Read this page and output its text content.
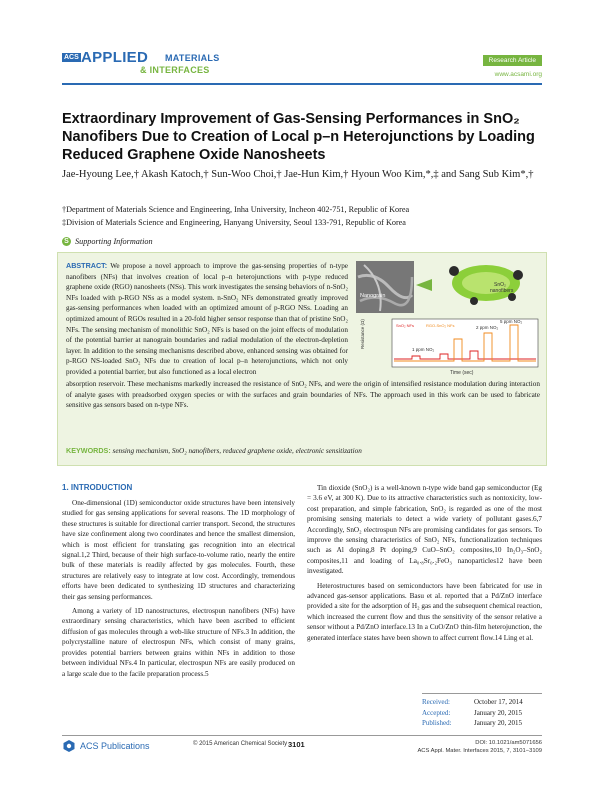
ACS APPLIED MATERIALS
& INTERFACES
Research Article
www.acsami.org
Extraordinary Improvement of Gas-Sensing Performances in SnO₂ Nanofibers Due to Creation of Local p–n Heterojunctions by Loading Reduced Graphene Oxide Nanosheets
Jae-Hyoung Lee,† Akash Katoch,† Sun-Woo Choi,† Jae-Hun Kim,† Hyoun Woo Kim,*,‡ and Sang Sub Kim*,†
†Department of Materials Science and Engineering, Inha University, Incheon 402-751, Republic of Korea
‡Division of Materials Science and Engineering, Hanyang University, Seoul 133-791, Republic of Korea
S Supporting Information
ABSTRACT: We propose a novel approach to improve the gas-sensing properties of n-type nanofibers (NFs) that involves creation of local p–n heterojunctions with p-type reduced graphene oxide (RGO) nanosheets (NSs). This work investigates the sensing behaviors of n-SnO₂ NFs loaded with p-RGO NSs as a model system. n-SnO₂ NFs demonstrated greatly improved gas-sensing performances when loaded with an optimized amount of p-RGO NSs. Loading an optimized amount of RGOs resulted in a 20-fold higher sensor response than that of pristine SnO₂ NFs. The sensing mechanism of monolithic SnO₂ NFs is based on the joint effects of modulation of the potential barrier at nanograin boundaries and radial modulation of the electron-depletion layer. In addition to the sensing mechanisms described above, enhanced sensing was obtained for p-RGO NS-loaded SnO₂ NFs due to creation of local p–n heterojunctions, which not only provided a potential barrier, but also functioned as a local electron
Nanograin
SnO₂
nanofibers
Resistance (Ω)
Time (sec)
1 ppm NO₂
2 ppm NO₂
5 ppm NO₂
SnO₂ NFs	RGO-SnO₂ NFs
absorption reservoir. These mechanisms markedly increased the resistance of SnO₂ NFs, and were the origin of intensified resistance modulation during interaction of analyte gases with preadsorbed oxygen species or with the surfaces and grain boundaries of NFs. The approach used in this work can be used to fabricate sensitive gas sensors based on n-type NFs.
KEYWORDS: sensing mechanism, SnO₂ nanofibers, reduced graphene oxide, electronic sensitization
1. INTRODUCTION

One-dimensional (1D) semiconductor oxide structures have been intensively studied for gas sensing applications for several reasons. The 1D morphology of these structures is suitable for directional carrier transport. Second, the structures have size confinement along two coordinates and hence the smallest dimension, which is most efficient for translating gas recognition into an electrical signal.1,2 Third, because of their high surface-to-volume ratio, nearly the entire bulk of these materials is readily affected by gas molecules. Fourth, these structures are relatively easy to integrate at low cost. Accordingly, tremendous efforts have been dedicated to synthesizing 1D structures and characterizing their gas sensing performances.

Among a variety of 1D nanostructures, electrospun nanofibers (NFs) have extraordinary sensing characteristics, which have been ascribed to efficient diffusion of gas molecules through a web-like structure of NFs.3 In addition, the polycrystalline nature of electrospun NFs, which consist of many grains, provides potential barriers between grains within NFs in addition to those between individual NFs.4 In particular, electrospun NFs are easily produced on a large scale due to the facile preparation process.5

Tin dioxide (SnO₂) is a well-known n-type wide band gap semiconductor (Eg = 3.6 eV, at 300 K). Due to its attractive characteristics such as nontoxicity, low-cost preparation, and simple fabrication, SnO₂ is regarded as one of the most promising sensing materials to detect a wide variety of pollutant gases.6,7 Accordingly, SnO₂ electrospun NFs are promising candidates for gas sensors. To improve the sensing characteristics of SnO₂ NFs, functionalization techniques such as Al doping,8 Pt doping,9 CuO–SnO₂ composites,10 In₂O₃–SnO₂ composites,11 and loading of La₀.₈Sr₀.₂FeO₃ nanoparticles12 have been investigated.

Heterostructures based on semiconductors have been fabricated for use in advanced gas-sensor applications. Basu et al. reported that a Pd/ZnO interface provided a site for the adsorption of H₂ gas and the subsequent chemical reaction, which increased the current flow and thus the sensitivity of the sensor relative a sensor without a Pd/ZnO interface.13 In a CuO/ZnO thin-film heterojunction, the generated interface states have been shown to affect current flow.14 Ling et al.

Received:	October 17, 2014
Accepted:	January 20, 2015
Published:	January 20, 2015
ACS Publications	© 2015 American Chemical Society 3101	DOI: 10.1021/am5071656
ACS Appl. Mater. Interfaces 2015, 7, 3101−3109
